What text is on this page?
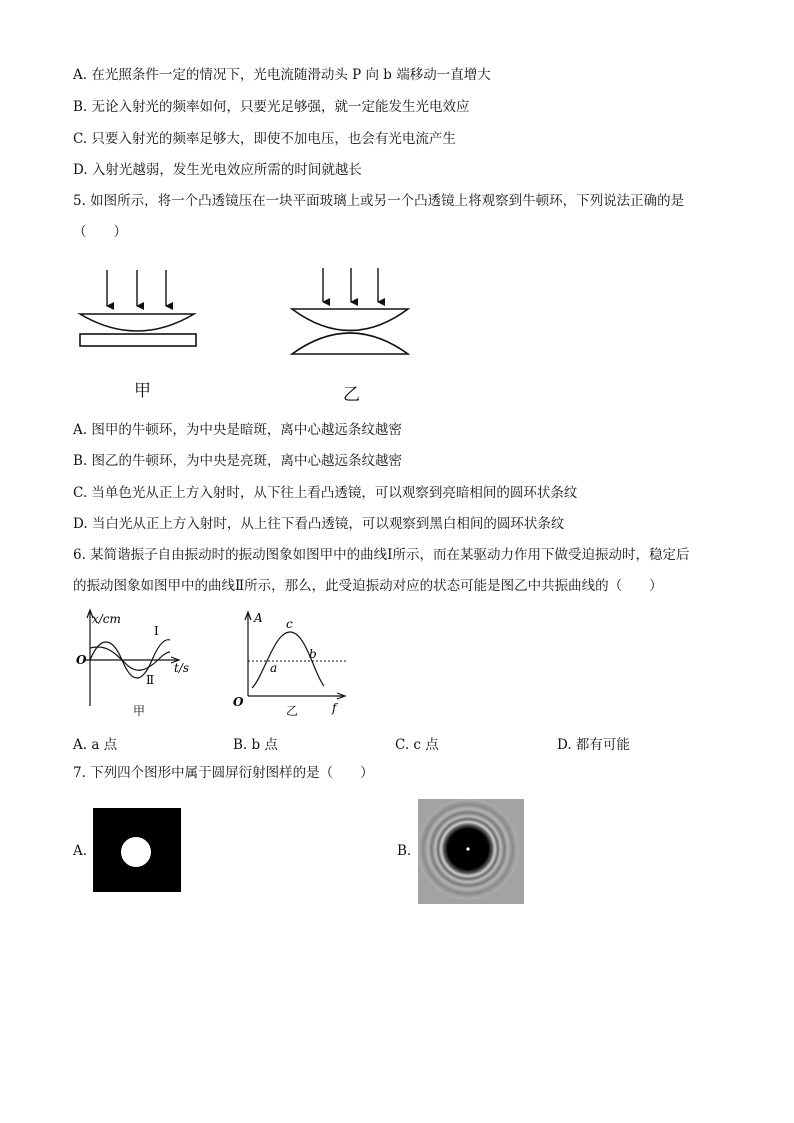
A. 在光照条件一定的情况下，光电流随滑动头 P 向 b 端移动一直增大
B. 无论入射光的频率如何，只要光足够强，就一定能发生光电效应
C. 只要入射光的频率足够大，即使不加电压，也会有光电流产生
D. 入射光越弱，发生光电效应所需的时间就越长
5. 如图所示，将一个凸透镜压在一块平面玻璃上或另一个凸透镜上将观察到牛顿环，下列说法正确的是
（　　）
甲	乙
A. 图甲的牛顿环，为中央是暗斑，离中心越远条纹越密
B. 图乙的牛顿环，为中央是亮斑，离中心越远条纹越密
C. 当单色光从正上方入射时，从下往上看凸透镜，可以观察到亮暗相间的圆环状条纹
D. 当白光从正上方入射时，从上往下看凸透镜，可以观察到黑白相间的圆环状条纹
6. 某简谐振子自由振动时的振动图象如图甲中的曲线Ⅰ所示，而在某驱动力作用下做受迫振动时，稳定后
的振动图象如图甲中的曲线Ⅱ所示，那么，此受迫振动对应的状态可能是图乙中共振曲线的（　　）
x/cm
t/s
O
Ⅰ
Ⅱ
甲
A
f
O
a
b
c
乙
A. a 点	B. b 点	C. c 点	D. 都有可能
7. 下列四个图形中属于圆屏衍射图样的是（　　）
A.	B.
